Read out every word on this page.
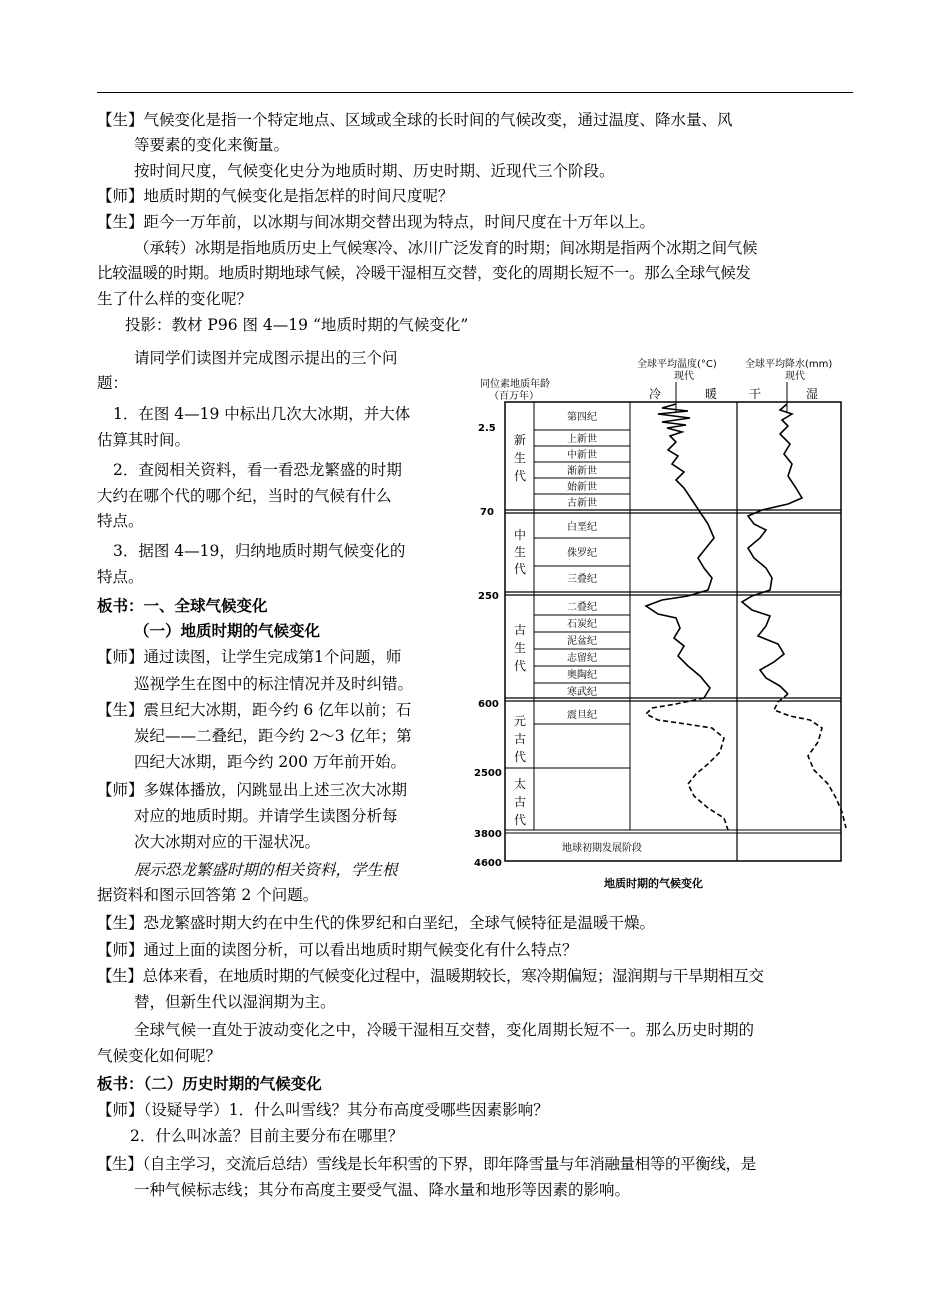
【生】气候变化是指一个特定地点、区域或全球的长时间的气候改变，通过温度、降水量、风
等要素的变化来衡量。
按时间尺度，气候变化史分为地质时期、历史时期、近现代三个阶段。
【师】地质时期的气候变化是指怎样的时间尺度呢？
【生】距今一万年前，以冰期与间冰期交替出现为特点，时间尺度在十万年以上。
（承转）冰期是指地质历史上气候寒冷、冰川广泛发育的时期；间冰期是指两个冰期之间气候
比较温暖的时期。地质时期地球气候，冷暖干湿相互交替，变化的周期长短不一。那么全球气候发
生了什么样的变化呢？
投影：教材 P96 图 4—19 “地质时期的气候变化”
请同学们读图并完成图示提出的三个问
题：
1．在图 4—19 中标出几次大冰期，并大体
估算其时间。
2．查阅相关资料，看一看恐龙繁盛的时期
大约在哪个代的哪个纪，当时的气候有什么
特点。
3．据图 4—19，归纳地质时期气候变化的
特点。
板书：一、全球气候变化
（一）地质时期的气候变化
【师】通过读图，让学生完成第1个问题，师
巡视学生在图中的标注情况并及时纠错。
【生】震旦纪大冰期，距今约 6 亿年以前；石
炭纪——二叠纪，距今约 2～3 亿年；第
四纪大冰期，距今约 200 万年前开始。
【师】多媒体播放，闪跳显出上述三次大冰期
对应的地质时期。并请学生读图分析每
次大冰期对应的干湿状况。
展示恐龙繁盛时期的相关资料，学生根
据资料和图示回答第 2 个问题。
【生】恐龙繁盛时期大约在中生代的侏罗纪和白垩纪，全球气候特征是温暖干燥。
【师】通过上面的读图分析，可以看出地质时期气候变化有什么特点？
【生】总体来看，在地质时期的气候变化过程中，温暖期较长，寒冷期偏短；湿润期与干旱期相互交
替，但新生代以湿润期为主。
全球气候一直处于波动变化之中，冷暖干湿相互交替，变化周期长短不一。那么历史时期的
气候变化如何呢？
板书：（二）历史时期的气候变化
【师】（设疑导学）1．什么叫雪线？其分布高度受哪些因素影响？
2．什么叫冰盖？目前主要分布在哪里？
【生】（自主学习，交流后总结）雪线是长年积雪的下界，即年降雪量与年消融量相等的平衡线，是
一种气候标志线；其分布高度主要受气温、降水量和地形等因素的影响。
同位素地质年龄
（百万年）
全球平均温度(°C)
现代
冷	暖
全球平均降水(mm)
现代
干	湿
2.5
70
250
600
2500
3800
4600
新
生
代
中
生
代
古
生
代
元
古
代
太
古
代
第四纪
上新世
中新世
渐新世
始新世
古新世
白垩纪
侏罗纪
三叠纪
二叠纪
石炭纪
泥盆纪
志留纪
奥陶纪
寒武纪
震旦纪
地球初期发展阶段
地质时期的气候变化
